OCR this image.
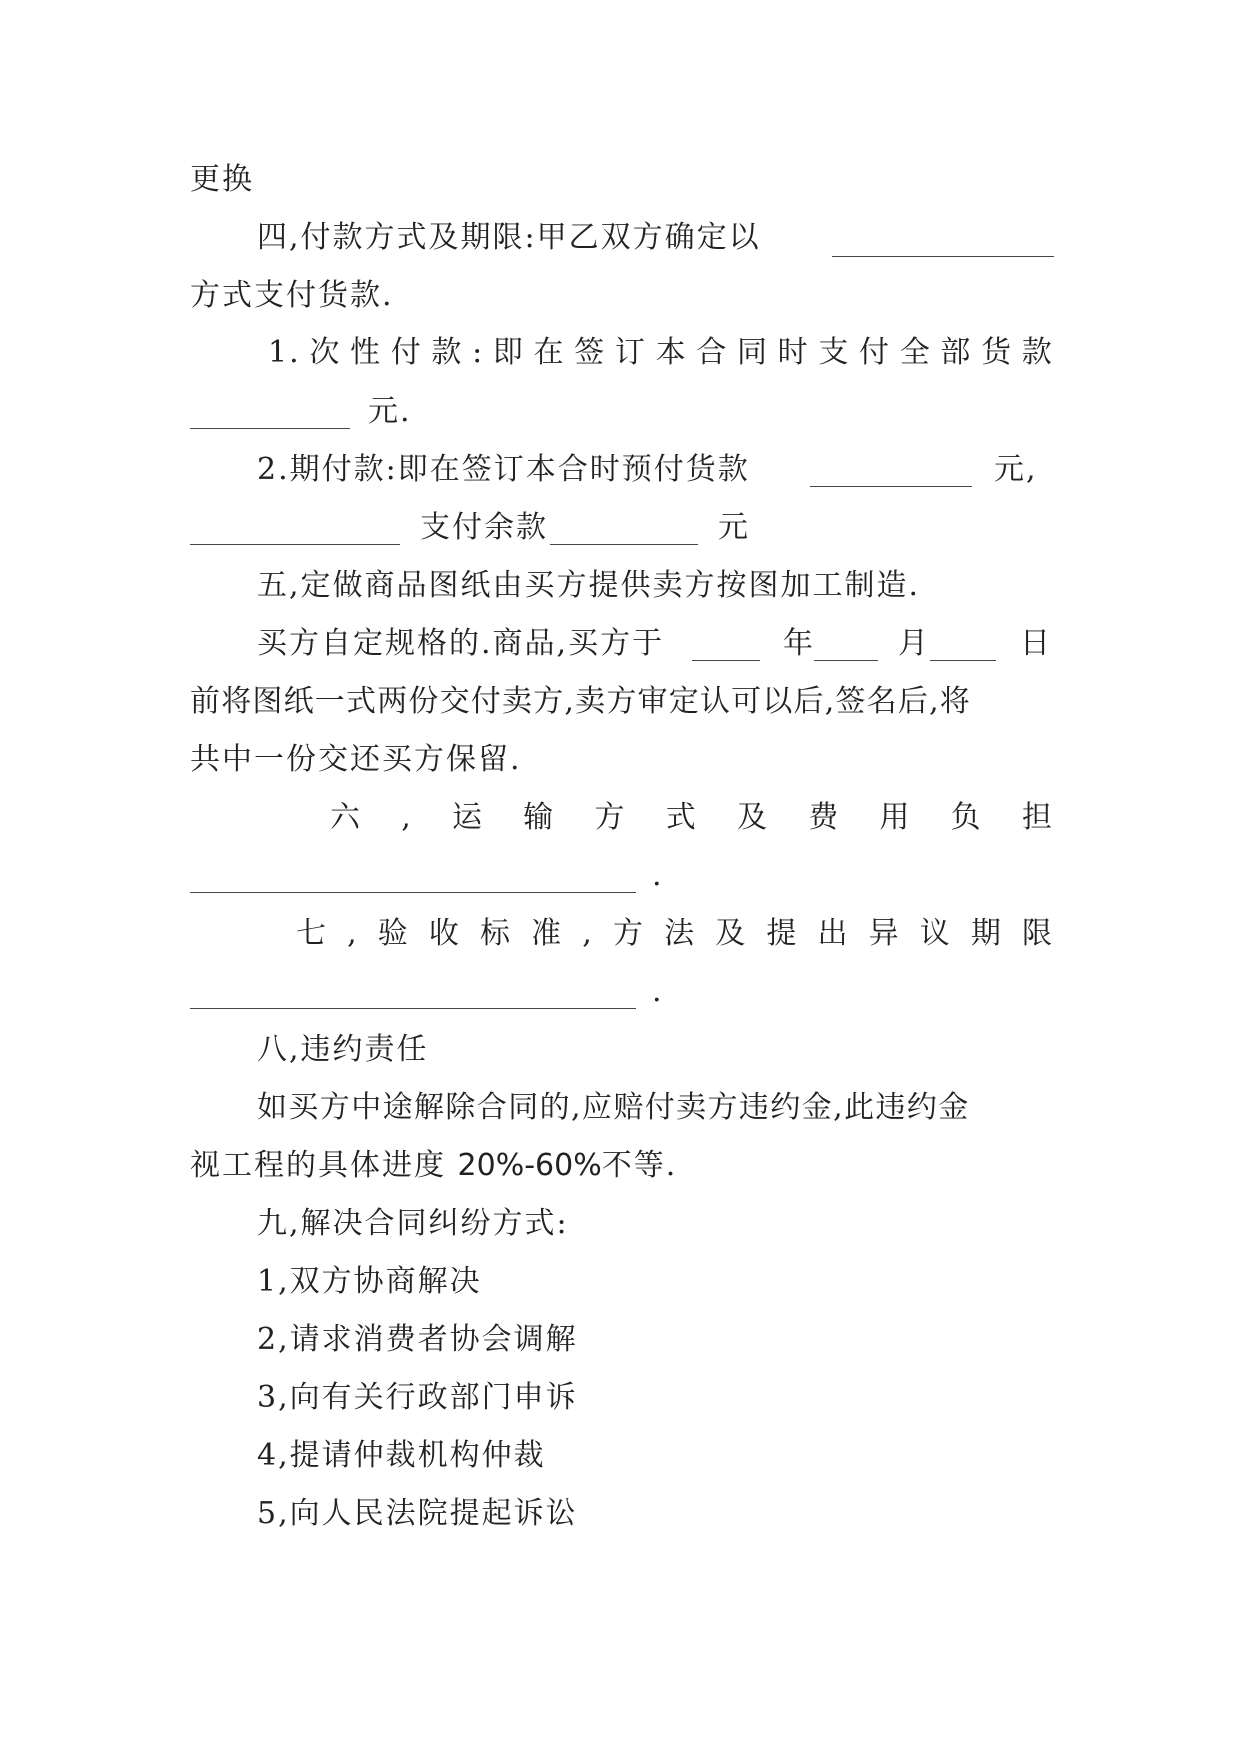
更换
四,付款方式及期限:甲乙双方确定以
方式支付货款.
1. 次 性 付 款 : 即 在 签 订 本 合 同 时 支 付 全 部 货 款
元.
2.期付款:即在签订本合时预付货款	元,
支付余款	元
五,定做商品图纸由买方提供卖方按图加工制造.
买方自定规格的.商品,买方于	年	月	日
前将图纸一式两份交付卖方,卖方审定认可以后,签名后,将
共中一份交还买方保留.
六 , 运 输 方 式 及 费 用 负 担
.
七 , 验 收 标 准 , 方 法 及 提 出 异 议 期 限
.
八,违约责任
如买方中途解除合同的,应赔付卖方违约金,此违约金
视工程的具体进度 20%-60%不等.
九,解决合同纠纷方式:
1,双方协商解决
2,请求消费者协会调解
3,向有关行政部门申诉
4,提请仲裁机构仲裁
5,向人民法院提起诉讼
